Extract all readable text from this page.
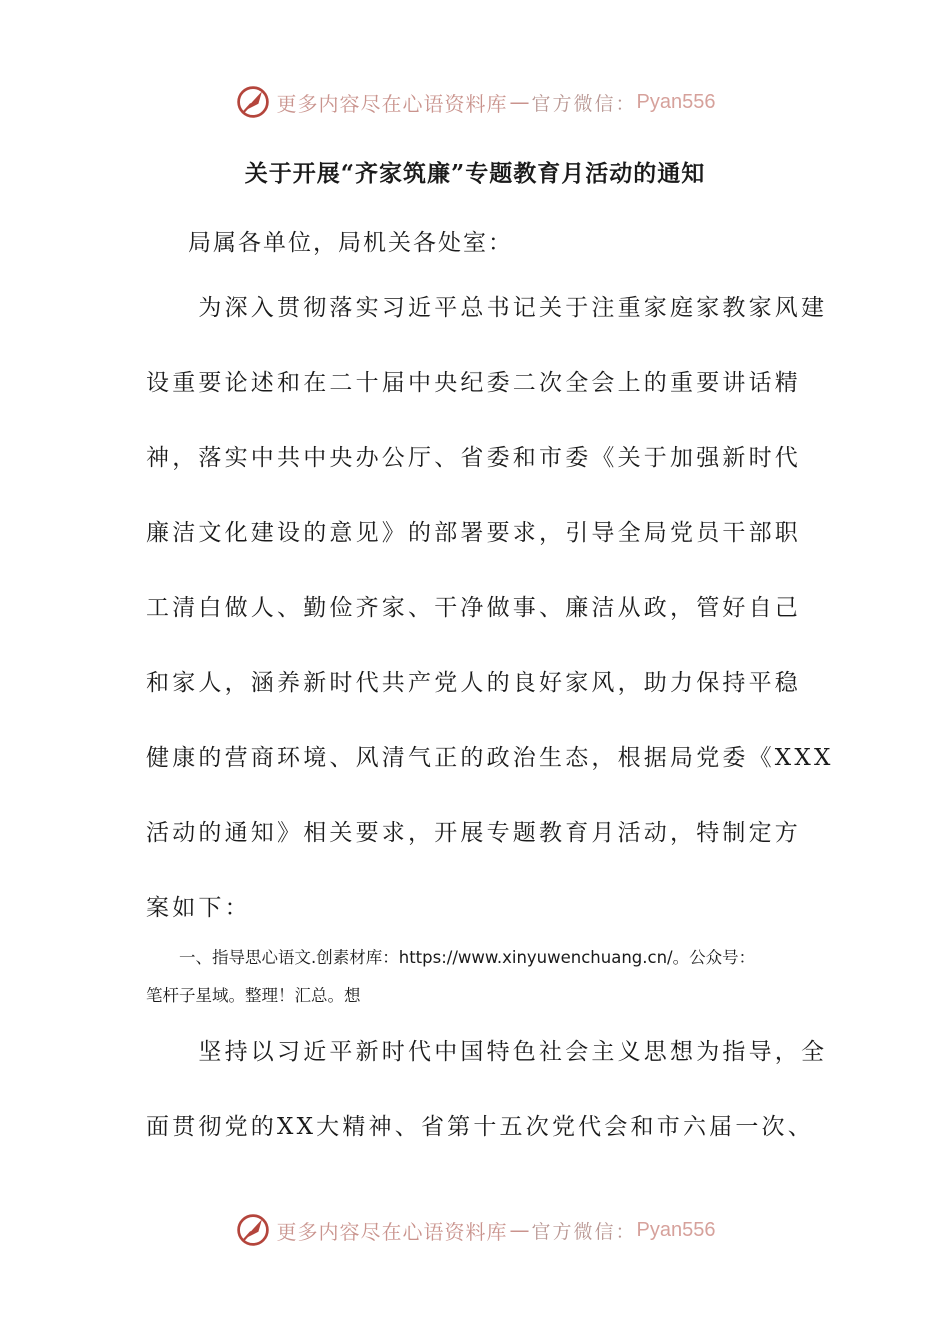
更多内容尽在心语资料库 — 官方微信： Pyan556
关于开展“齐家筑廉”专题教育月活动的通知
局属各单位，局机关各处室：
　　为深入贯彻落实习近平总书记关于注重家庭家教家风建
设重要论述和在二十届中央纪委二次全会上的重要讲话精
神，落实中共中央办公厅、省委和市委《关于加强新时代
廉洁文化建设的意见》的部署要求，引导全局党员干部职
工清白做人、勤俭齐家、干净做事、廉洁从政，管好自己
和家人，涵养新时代共产党人的良好家风，助力保持平稳
健康的营商环境、风清气正的政治生态，根据局党委《XXX
活动的通知》相关要求，开展专题教育月活动，特制定方
案如下：
　　一、指导思心语文.创素材库：https://www.xinyuwenchuang.cn/。公众号：
笔杆子星域。整理！汇总。想
　　坚持以习近平新时代中国特色社会主义思想为指导，全
面贯彻党的XX大精神、省第十五次党代会和市六届一次、
更多内容尽在心语资料库 — 官方微信： Pyan556
